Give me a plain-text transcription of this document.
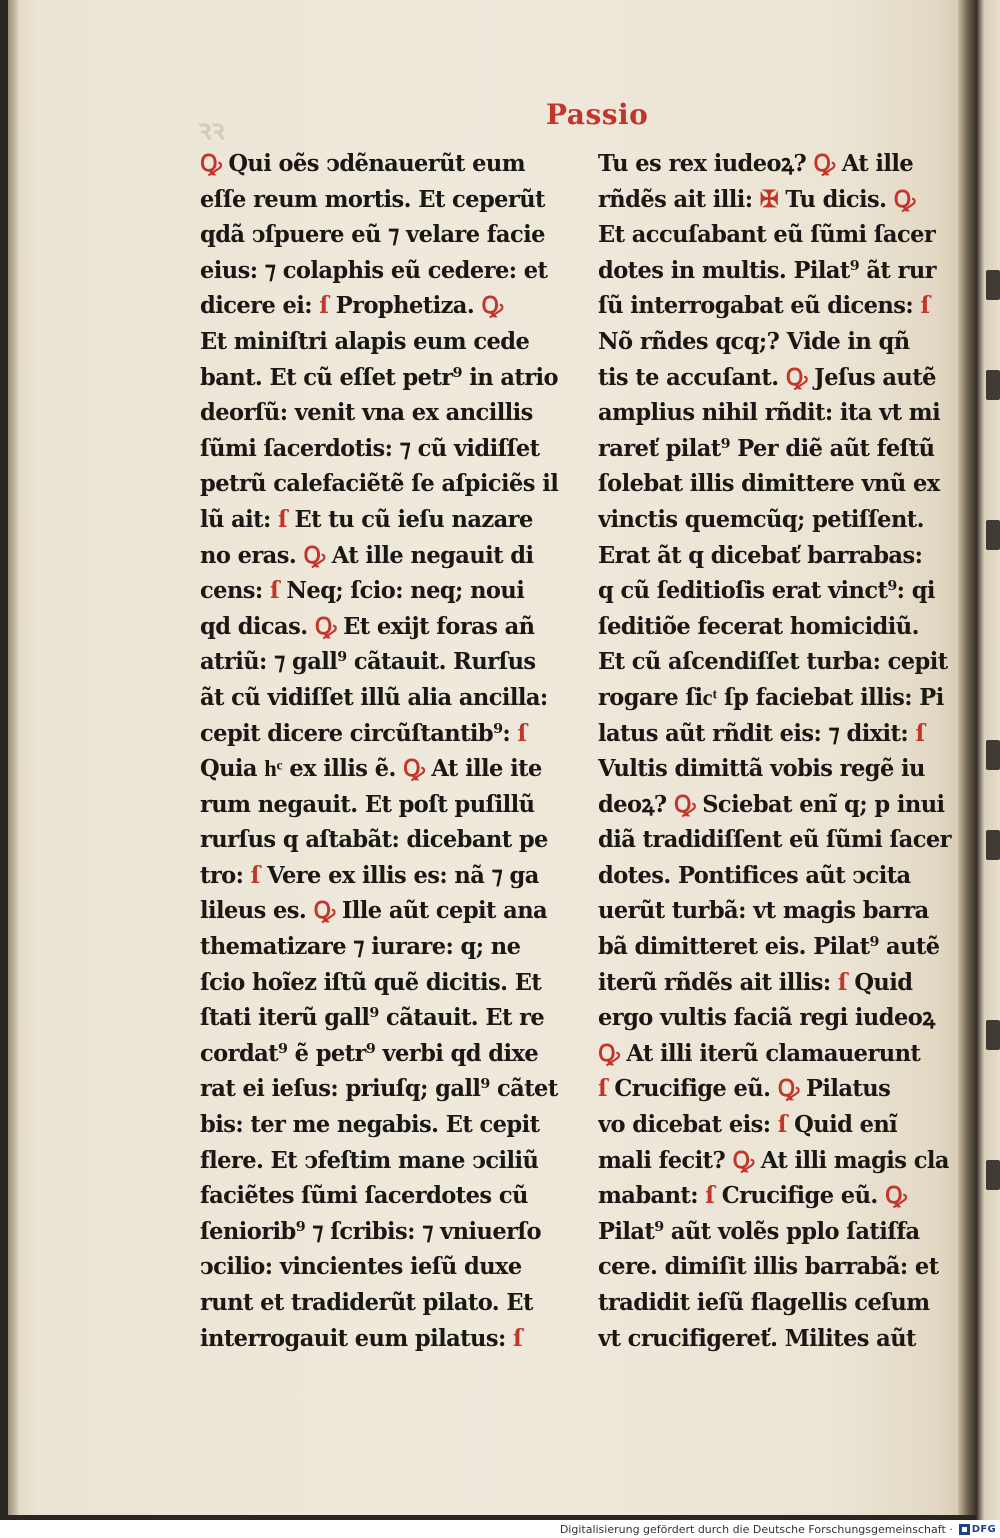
ꝛꝛ	Passio
Ꝙ Qui oẽs ↄdẽnauerũt eum
eſſe reum mortis. Et ceperũt
qdã ↄſpuere eũ ⁊ velare facie
eius: ⁊ colaphis eũ cedere: et
dicere ei: ſ Prophetiza. Ꝙ
Et miniſtri alapis eum cede
bant. Et cũ eſſet petr⁹ in atrio
deorſũ: venit vna ex ancillis
ſũmi ſacerdotis: ⁊ cũ vidiſſet
petrũ calefaciẽtẽ ſe aſpiciẽs il
lũ ait: ſ Et tu cũ ieſu nazare
no eras. Ꝙ At ille negauit di
cens: ſ Neq; ſcio: neq; noui
qd dicas. Ꝙ Et exijt foras añ
atriũ: ⁊ gall⁹ cãtauit. Rurſus
ãt cũ vidiſſet illũ alia ancilla:
cepit dicere circũſtantib⁹: ſ
Quia hͨ ex illis ẽ. Ꝙ At ille ite
rum negauit. Et poſt puſillũ
rurſus q aſtabãt: dicebant pe
tro: ſ Vere ex illis es: nã ⁊ ga
lileus es. Ꝙ Ille aũt cepit ana
thematizare ⁊ iurare: q; ne
ſcio hoĩez iſtũ quẽ dicitis. Et
ſtati iterũ gall⁹ cãtauit. Et re
cordat⁹ ẽ petr⁹ verbi qd dixe
rat ei ieſus: priuſq; gall⁹ cãtet
bis: ter me negabis. Et cepit
flere. Et ↄfeſtim mane ↄciliũ
faciẽtes ſũmi ſacerdotes cũ
ſeniorib⁹ ⁊ ſcribis: ⁊ vniuerſo
ↄcilio: vincientes ieſũ duxe
runt et tradiderũt pilato. Et
interrogauit eum pilatus: ſ
Tu es rex iudeoꝝ? Ꝙ At ille
rñdẽs ait illi: ✠ Tu dicis. Ꝙ
Et accuſabant eũ ſũmi ſacer
dotes in multis. Pilat⁹ ãt rur
ſũ interrogabat eũ dicens: ſ
Nõ rñdes qcq;? Vide in qñ
tis te accuſant. Ꝙ Jeſus autẽ
amplius nihil rñdit: ita vt mi
rareť pilat⁹ Per diẽ aũt feſtũ
ſolebat illis dimittere vnũ ex
vinctis quemcũq; petiſſent.
Erat ãt q dicebať barrabas:
q cũ ſeditioſis erat vinct⁹: qi
ſeditiõe fecerat homicidiũ.
Et cũ aſcendiſſet turba: cepit
rogare ſicͭ ſp faciebat illis: Pi
latus aũt rñdit eis: ⁊ dixit: ſ
Vultis dimittã vobis regẽ iu
deoꝝ? Ꝙ Sciebat enĩ q; p inui
diã tradidiſſent eũ ſũmi ſacer
dotes. Pontifices aũt ↄcita
uerũt turbã: vt magis barra
bã dimitteret eis. Pilat⁹ autẽ
iterũ rñdẽs ait illis: ſ Quid
ergo vultis faciã regi iudeoꝝ
Ꝙ At illi iterũ clamauerunt
ſ Crucifige eũ. Ꝙ Pilatus
vo dicebat eis: ſ Quid enĩ
mali fecit? Ꝙ At illi magis cla
mabant: ſ Crucifige eũ. Ꝙ
Pilat⁹ aũt volẽs pplo ſatiſfa
cere. dimiſit illis barrabã: et
tradidit ieſũ flagellis ceſum
vt crucifigereť. Milites aũt
Digitalisierung gefördert durch die Deutsche Forschungsgemeinschaft · DFG
